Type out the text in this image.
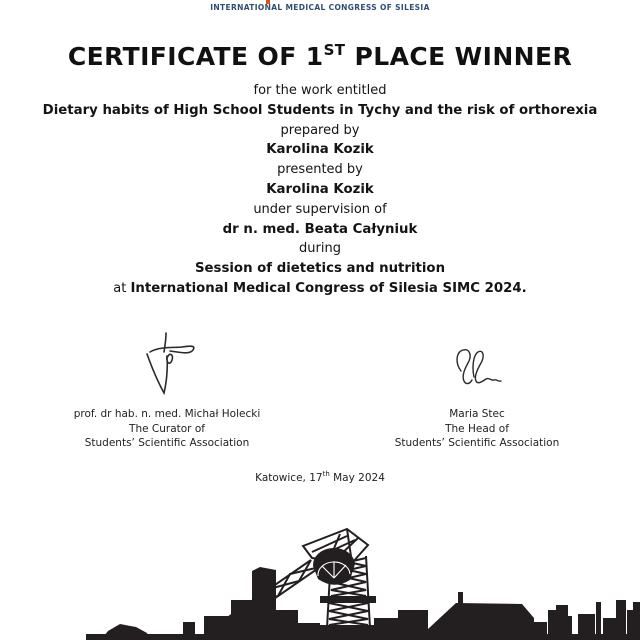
INTERNATIONAL MEDICAL CONGRESS OF SILESIA
CERTIFICATE OF 1ST PLACE WINNER
for the work entitled
Dietary habits of High School Students in Tychy and the risk of orthorexia
prepared by
Karolina Kozik
presented by
Karolina Kozik
under supervision of
dr n. med. Beata Całyniuk
during
Session of dietetics and nutrition
at International Medical Congress of Silesia SIMC 2024.
prof. dr hab. n. med. Michał Holecki
The Curator of
Students’ Scientific Association
Maria Stec
The Head of
Students’ Scientific Association
Katowice, 17th May 2024
